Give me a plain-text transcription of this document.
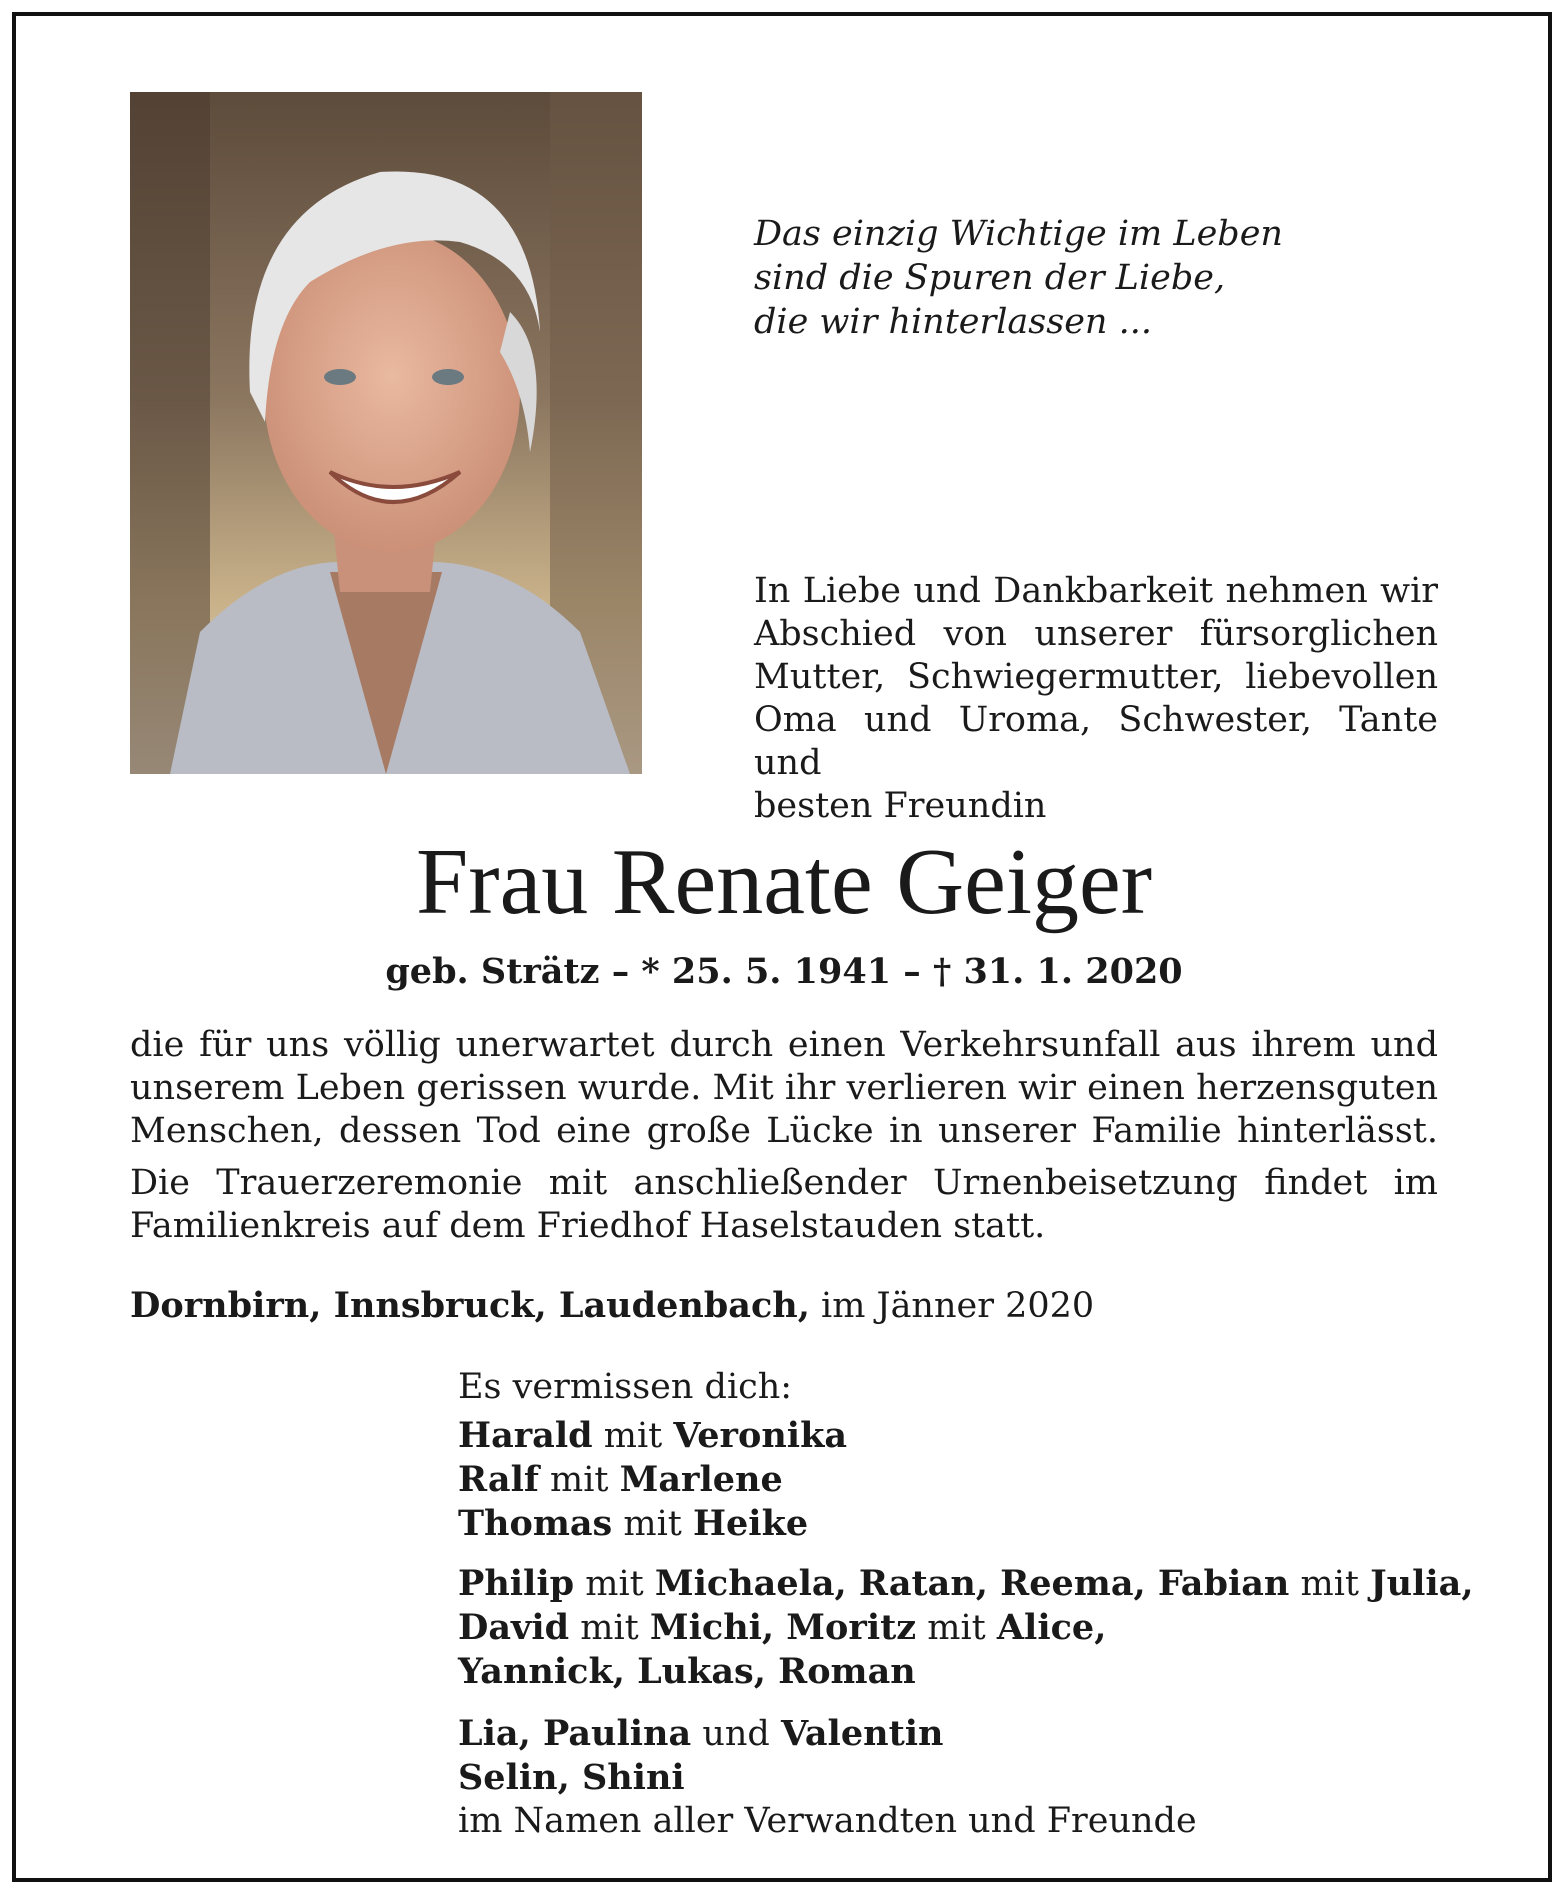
Das einzig Wichtige im Leben
sind die Spuren der Liebe,
die wir hinterlassen ...
In Liebe und Dankbarkeit nehmen wir
Abschied von unserer fürsorglichen
Mutter, Schwiegermutter, liebevollen
Oma und Uroma, Schwester, Tante und
besten Freundin
Frau Renate Geiger
geb. Strätz – * 25. 5. 1941 – † 31. 1. 2020
die für uns völlig unerwartet durch einen Verkehrsunfall aus ihrem und
unserem Leben gerissen wurde. Mit ihr verlieren wir einen herzensguten
Menschen, dessen Tod eine große Lücke in unserer Familie hinterlässt.
Die Trauerzeremonie mit anschließender Urnenbeisetzung findet im
Familienkreis auf dem Friedhof Haselstauden statt.
Dornbirn, Innsbruck, Laudenbach, im Jänner 2020
Es vermissen dich:
Harald mit Veronika
Ralf mit Marlene
Thomas mit Heike
Philip mit Michaela, Ratan, Reema, Fabian mit Julia,
David mit Michi, Moritz mit Alice,
Yannick, Lukas, Roman
Lia, Paulina und Valentin
Selin, Shini
im Namen aller Verwandten und Freunde
